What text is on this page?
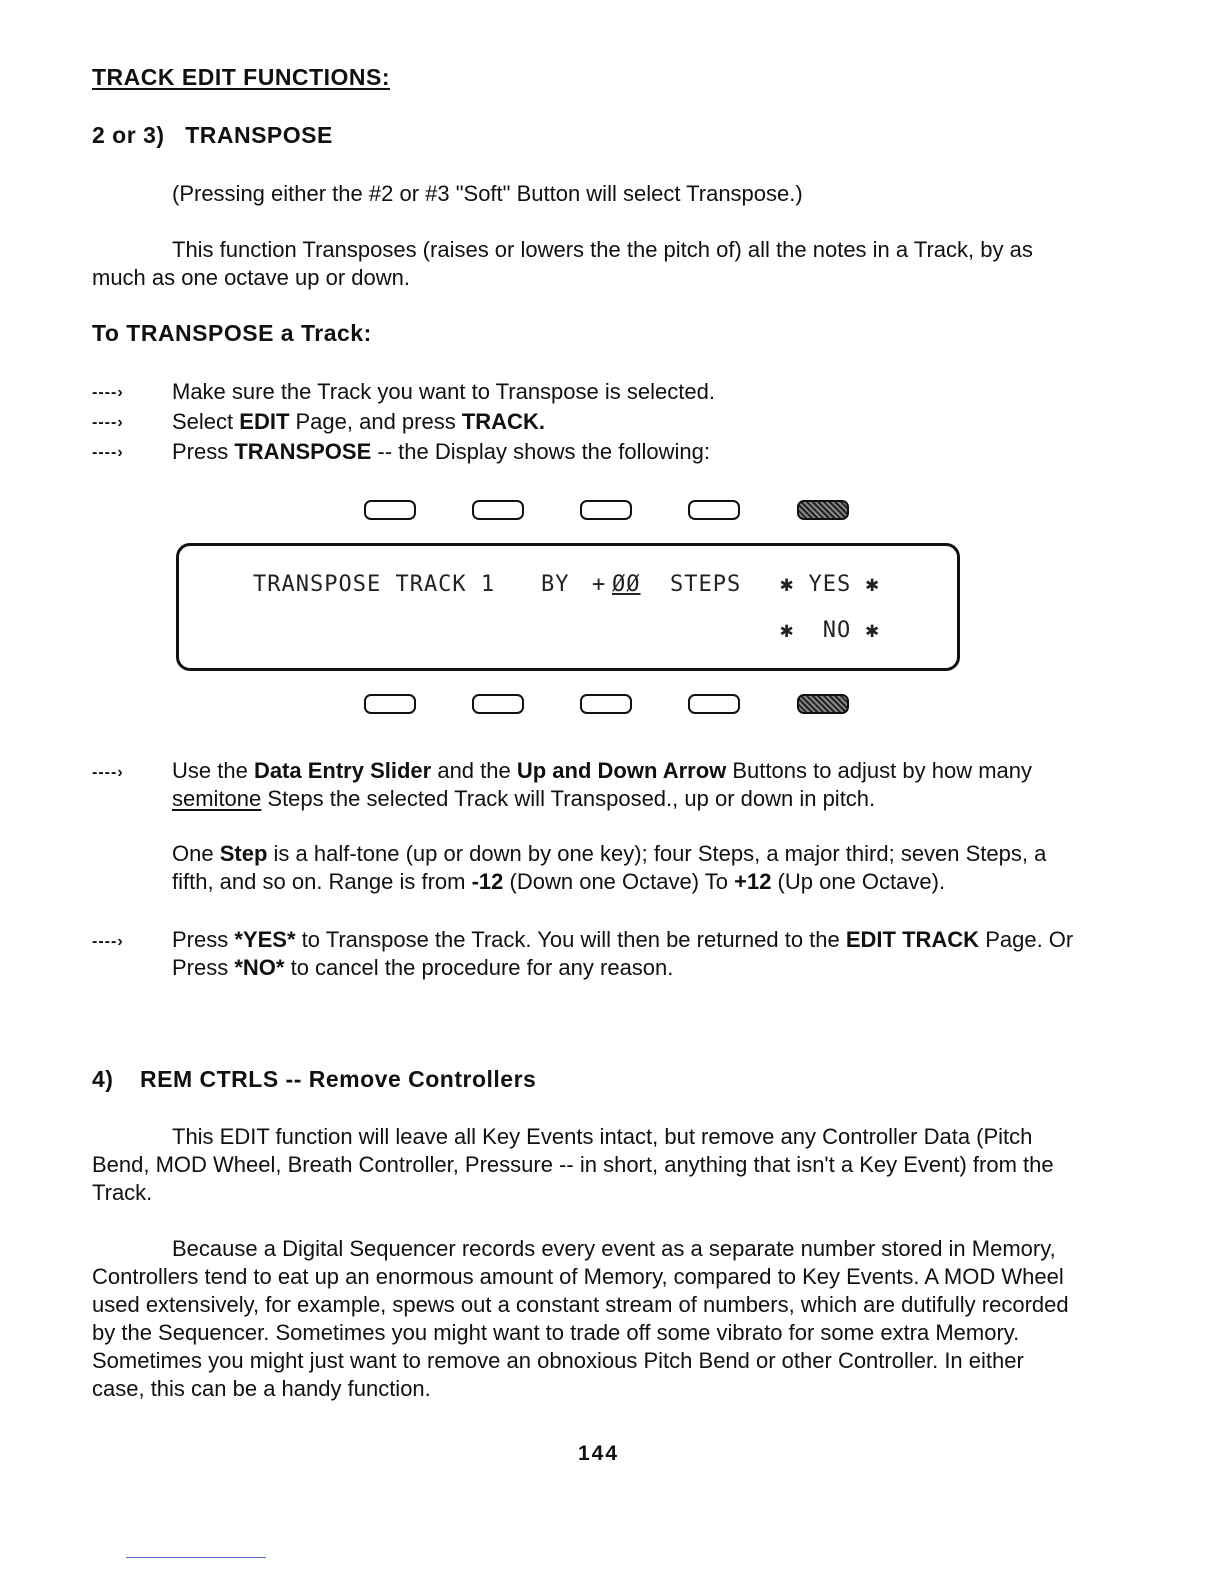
TRACK EDIT FUNCTIONS:
2 or 3)   TRANSPOSE
(Pressing either the #2 or #3 "Soft" Button will select Transpose.)
This function Transposes (raises or lowers the the pitch of) all the notes in a Track, by as much as one octave up or down.
To TRANSPOSE a Track:
----› Make sure the Track you want to Transpose is selected.
----› Select EDIT Page, and press TRACK.
----› Press TRANSPOSE -- the Display shows the following:
TRANSPOSE TRACK 1 BY + ØØ STEPS ✱ YES ✱
✱  NO ✱
----› Use the Data Entry Slider and the Up and Down Arrow Buttons to adjust by how many semitone Steps the selected Track will Transposed., up or down in pitch.
One Step is a half-tone (up or down by one key); four Steps, a major third; seven Steps, a fifth, and so on. Range is from -12 (Down one Octave) To +12 (Up one Octave).
----› Press *YES* to Transpose the Track. You will then be returned to the EDIT TRACK Page. Or Press *NO* to cancel the procedure for any reason.
4) REM CTRLS -- Remove Controllers
This EDIT function will leave all Key Events intact, but remove any Controller Data (Pitch Bend, MOD Wheel, Breath Controller, Pressure -- in short, anything that isn't a Key Event) from the Track.
Because a Digital Sequencer records every event as a separate number stored in Memory, Controllers tend to eat up an enormous amount of Memory, compared to Key Events. A MOD Wheel used extensively, for example, spews out a constant stream of numbers, which are dutifully recorded by the Sequencer. Sometimes you might want to trade off some vibrato for some extra Memory. Sometimes you might just want to remove an obnoxious Pitch Bend or other Controller. In either case, this can be a handy function.
144
